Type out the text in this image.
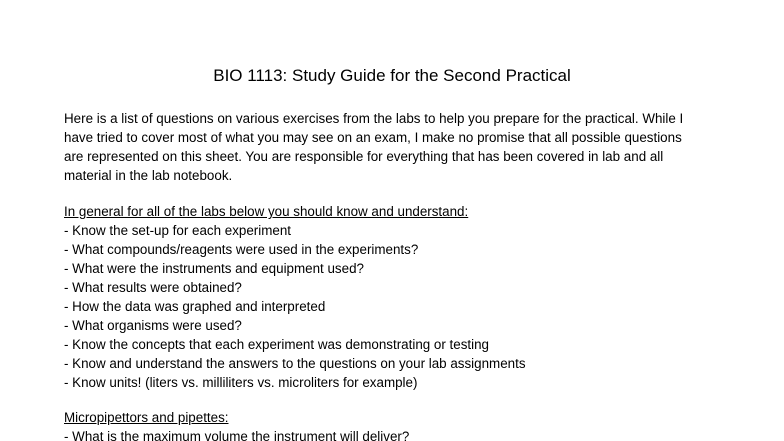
BIO 1113: Study Guide for the Second Practical
Here is a list of questions on various exercises from the labs to help you prepare for the practical. While I
have tried to cover most of what you may see on an exam, I make no promise that all possible questions
are represented on this sheet. You are responsible for everything that has been covered in lab and all
material in the lab notebook.
In general for all of the labs below you should know and understand:
- Know the set-up for each experiment
- What compounds/reagents were used in the experiments?
- What were the instruments and equipment used?
- What results were obtained?
- How the data was graphed and interpreted
- What organisms were used?
- Know the concepts that each experiment was demonstrating or testing
- Know and understand the answers to the questions on your lab assignments
- Know units! (liters vs. milliliters vs. microliters for example)
Micropipettors and pipettes:
- What is the maximum volume the instrument will deliver?
